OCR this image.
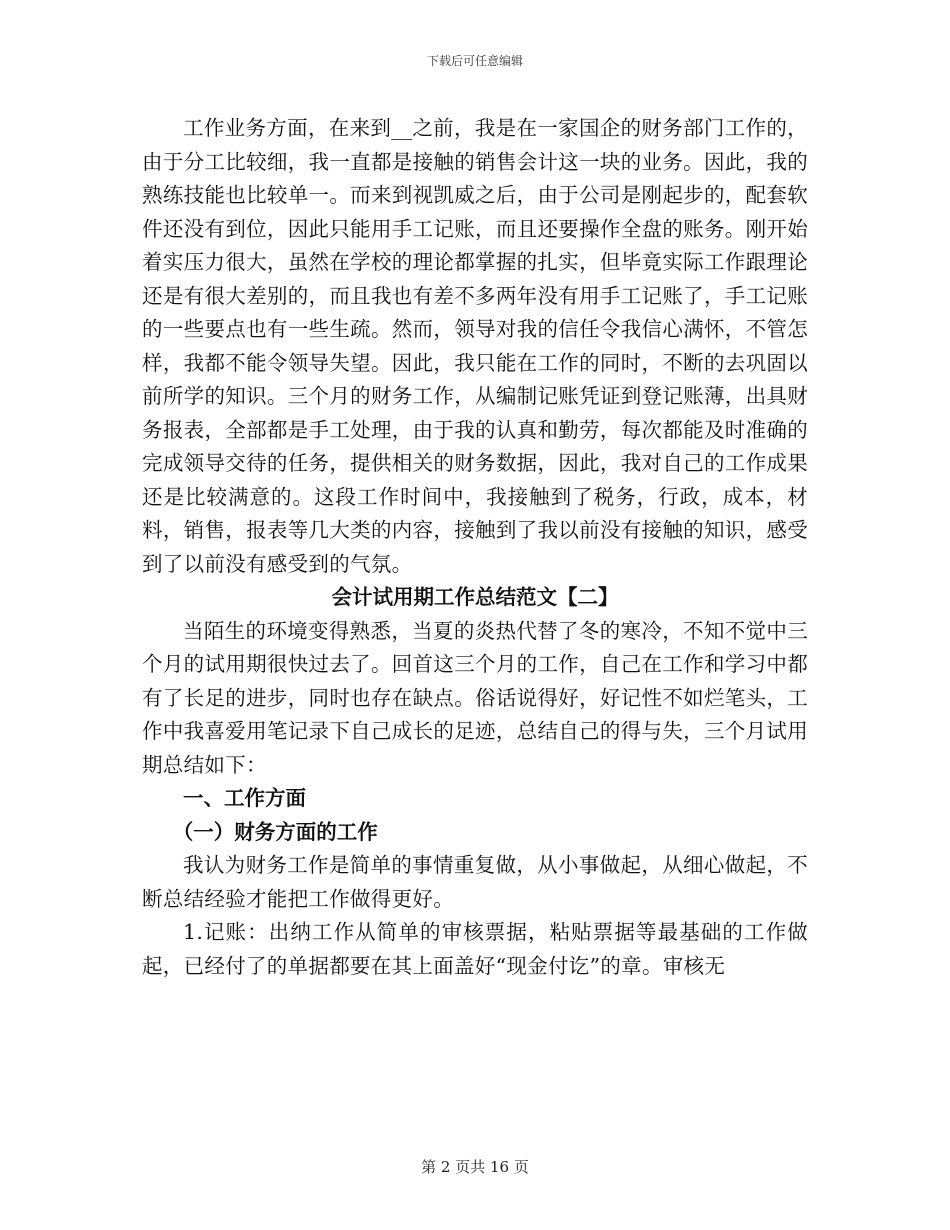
下载后可任意编辑

工作业务方面，在来到__之前，我是在一家国企的财务部门工作的，由于分工比较细，我一直都是接触的销售会计这一块的业务。因此，我的熟练技能也比较单一。而来到视凯威之后，由于公司是刚起步的，配套软件还没有到位，因此只能用手工记账，而且还要操作全盘的账务。刚开始着实压力很大，虽然在学校的理论都掌握的扎实，但毕竟实际工作跟理论还是有很大差别的，而且我也有差不多两年没有用手工记账了，手工记账的一些要点也有一些生疏。然而，领导对我的信任令我信心满怀，不管怎样，我都不能令领导失望。因此，我只能在工作的同时，不断的去巩固以前所学的知识。三个月的财务工作，从编制记账凭证到登记账薄，出具财务报表，全部都是手工处理，由于我的认真和勤劳，每次都能及时准确的完成领导交待的任务，提供相关的财务数据，因此，我对自己的工作成果还是比较满意的。这段工作时间中，我接触到了税务，行政，成本，材料，销售，报表等几大类的内容，接触到了我以前没有接触的知识，感受到了以前没有感受到的气氛。

会计试用期工作总结范文【二】

当陌生的环境变得熟悉，当夏的炎热代替了冬的寒冷，不知不觉中三个月的试用期很快过去了。回首这三个月的工作，自己在工作和学习中都有了长足的进步，同时也存在缺点。俗话说得好，好记性不如烂笔头，工作中我喜爱用笔记录下自己成长的足迹，总结自己的得与失，三个月试用期总结如下：

一、工作方面

（一）财务方面的工作

我认为财务工作是简单的事情重复做，从小事做起，从细心做起，不断总结经验才能把工作做得更好。

1.记账：出纳工作从简单的审核票据，粘贴票据等最基础的工作做起，已经付了的单据都要在其上面盖好“现金付讫”的章。审核无

第 2 页共 16 页
